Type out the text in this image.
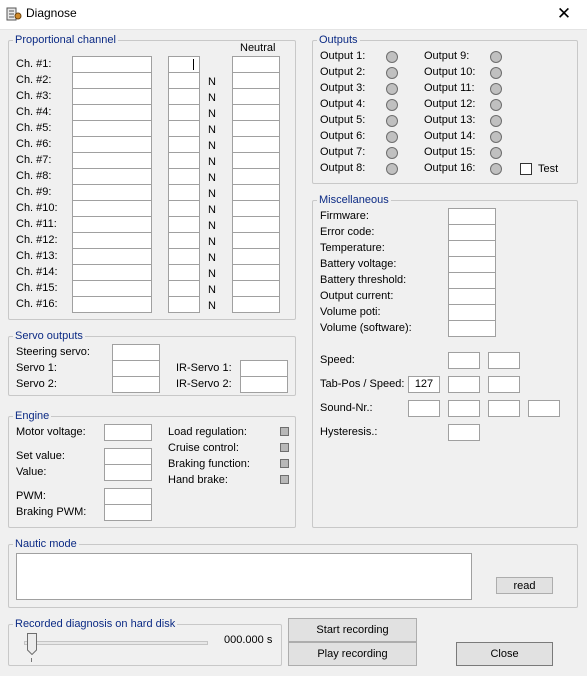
Diagnose	✕
Proportional channel
Neutral
Ch. #1:
Ch. #2:	N
Ch. #3:	N
Ch. #4:	N
Ch. #5:	N
Ch. #6:	N
Ch. #7:	N
Ch. #8:	N
Ch. #9:	N
Ch. #10:	N
Ch. #11:	N
Ch. #12:	N
Ch. #13:	N
Ch. #14:	N
Ch. #15:	N
Ch. #16:	N
Outputs
Output 1:	Output 9:
Output 2:	Output 10:
Output 3:	Output 11:
Output 4:	Output 12:
Output 5:	Output 13:
Output 6:	Output 14:
Output 7:	Output 15:
Output 8:	Output 16:	Test
Miscellaneous
Firmware:
Error code:
Temperature:
Battery voltage:
Battery threshold:
Output current:
Volume poti:
Volume (software):
Speed:
Tab-Pos / Speed: 127
Sound-Nr.:
Hysteresis.:
Servo outputs
Steering servo:
Servo 1:
Servo 2:
IR-Servo 1:
IR-Servo 2:
Engine
Motor voltage:
Set value:
Value:
PWM:
Braking PWM:
Load regulation:
Cruise control:
Braking function:
Hand brake:
Nautic mode
read
Recorded diagnosis on hard disk
000.000 s
Start recording
Play recording	Close
